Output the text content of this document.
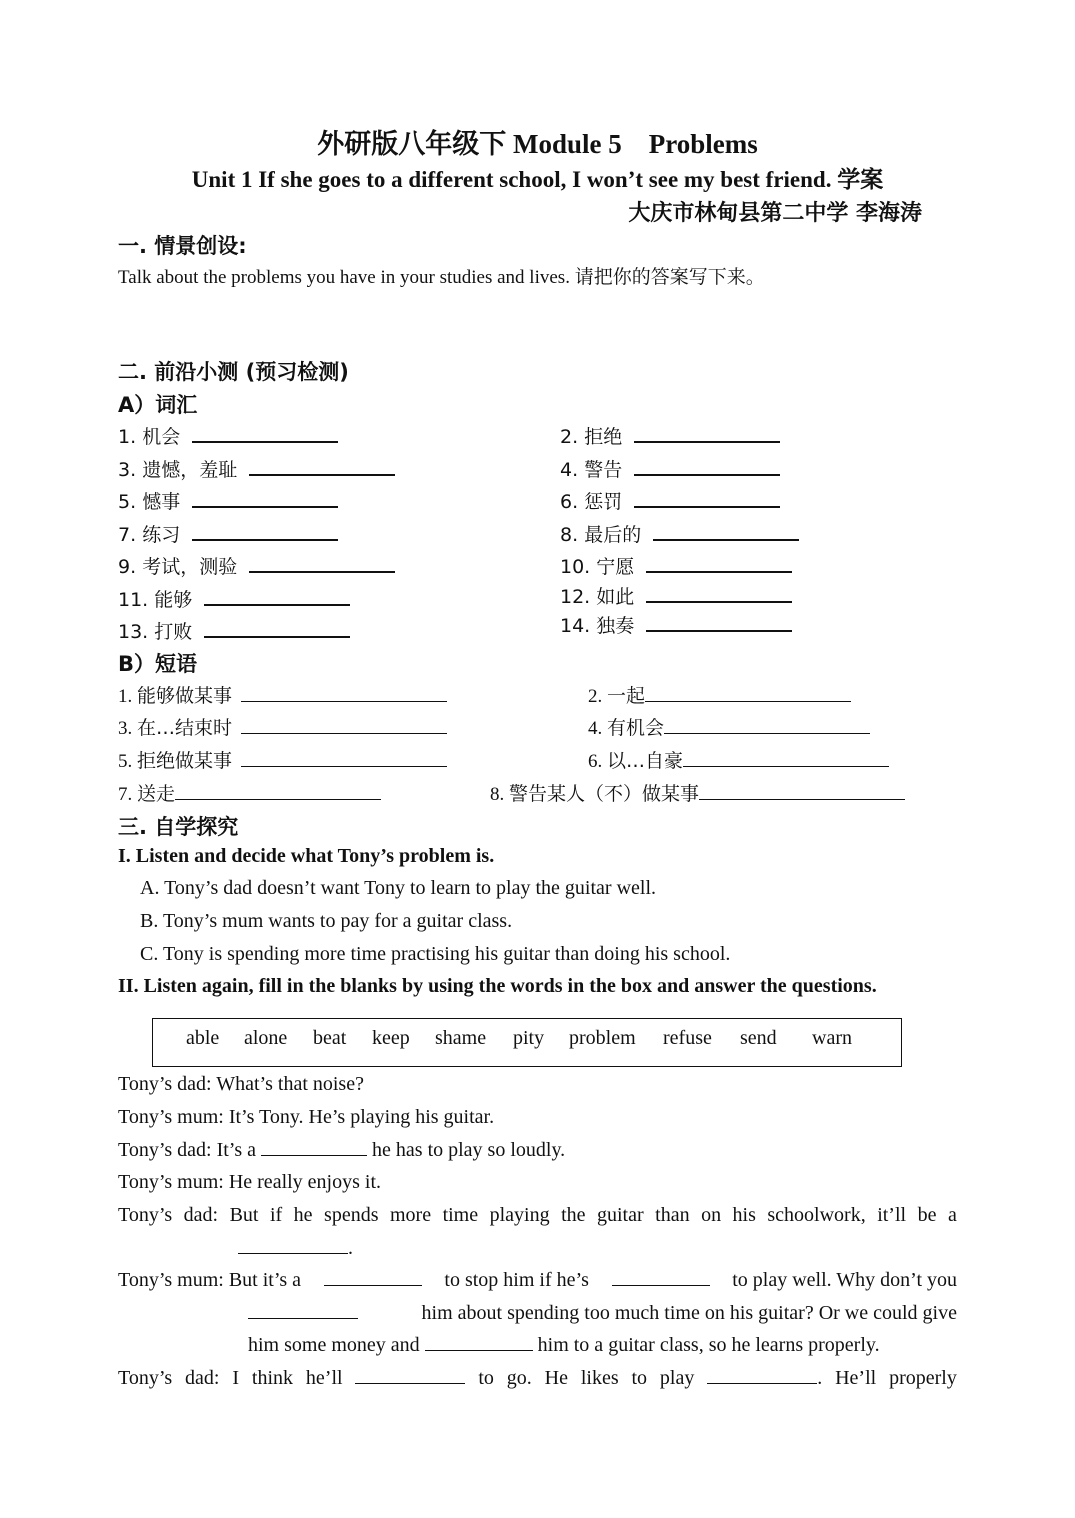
外研版八年级下 Module 5　Problems
Unit 1 If she goes to a different school, I won’t see my best friend. 学案
大庆市林甸县第二中学 李海涛
一. 情景创设:
Talk about the problems you have in your studies and lives. 请把你的答案写下来。
二. 前沿小测 (预习检测)
A）词汇
1. 机会	2. 拒绝
3. 遗憾，羞耻	4. 警告
5. 憾事	6. 惩罚
7. 练习	8. 最后的
9. 考试，测验	10. 宁愿
11. 能够	12. 如此
13. 打败	14. 独奏
B）短语
1. 能够做某事	2. 一起
3. 在…结束时	4. 有机会
5. 拒绝做某事	6. 以…自豪
7. 送走	8. 警告某人（不）做某事
三. 自学探究
I. Listen and decide what Tony’s problem is.
A. Tony’s dad doesn’t want Tony to learn to play the guitar well.
B. Tony’s mum wants to pay for a guitar class.
C. Tony is spending more time practising his guitar than doing his school.
II. Listen again, fill in the blanks by using the words in the box and answer the questions.
able alone beat keep shame pity problem refuse send warn
Tony’s dad: What’s that noise?
Tony’s mum: It’s Tony. He’s playing his guitar.
Tony’s dad: It’s a	he has to play so loudly.
Tony’s mum: He really enjoys it.
Tony’s dad: But if he spends more time playing the guitar than on his schoolwork, it’ll be a
.
Tony’s mum: But it’s a	to stop him if he’s	to play well. Why don’t you
him about spending too much time on his guitar? Or we could give
him some money and	him to a guitar class, so he learns properly.
Tony’s dad: I think he’ll	to go. He likes to play	. He’ll properly
